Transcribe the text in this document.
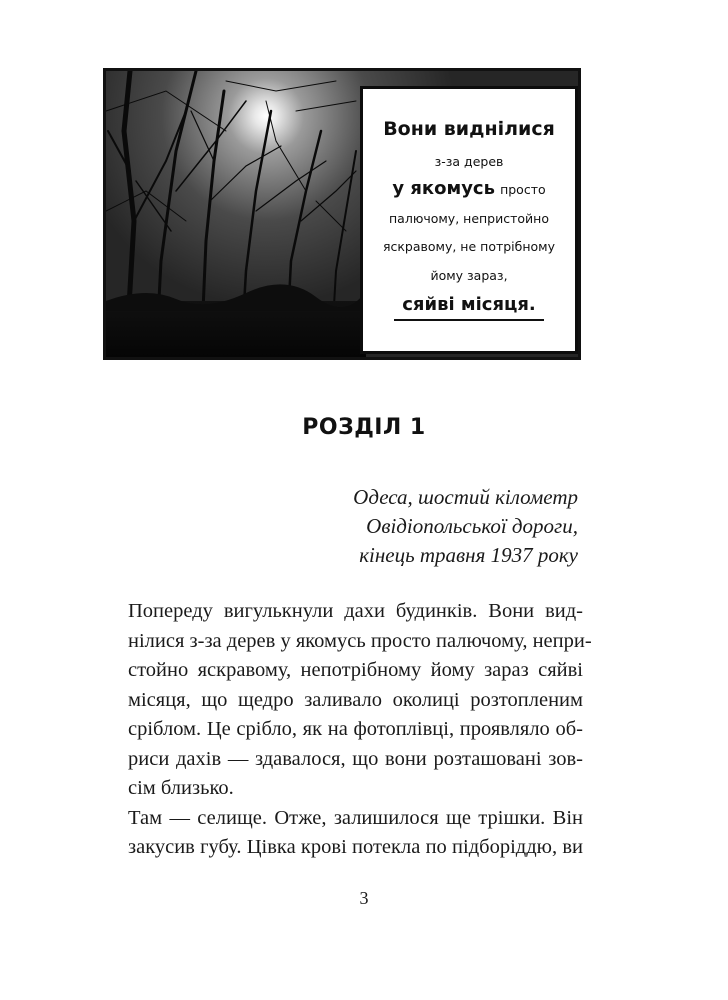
Вони виднілися
з-за дерев
у якомусь просто
палючому, непристойно
яскравому, не потрібному
йому зараз,
сяйві місяця.
РОЗДІЛ 1
Одеса, шостий кілометр
Овідіопольської дороги,
кінець травня 1937 року
Попереду вигулькнули дахи будинків. Вони вид-
нілися з-за дерев у якомусь просто палючому, непри-
стойно яскравому, непотрібному йому зараз сяйві
місяця, що щедро заливало околиці розтопленим
сріблом. Це срібло, як на фотоплівці, проявляло об-
риси дахів — здавалося, що вони розташовані зов-
сім близько.
Там — селище. Отже, залишилося ще трішки. Він
закусив губу. Цівка крові потекла по підборіддю, ви
3
